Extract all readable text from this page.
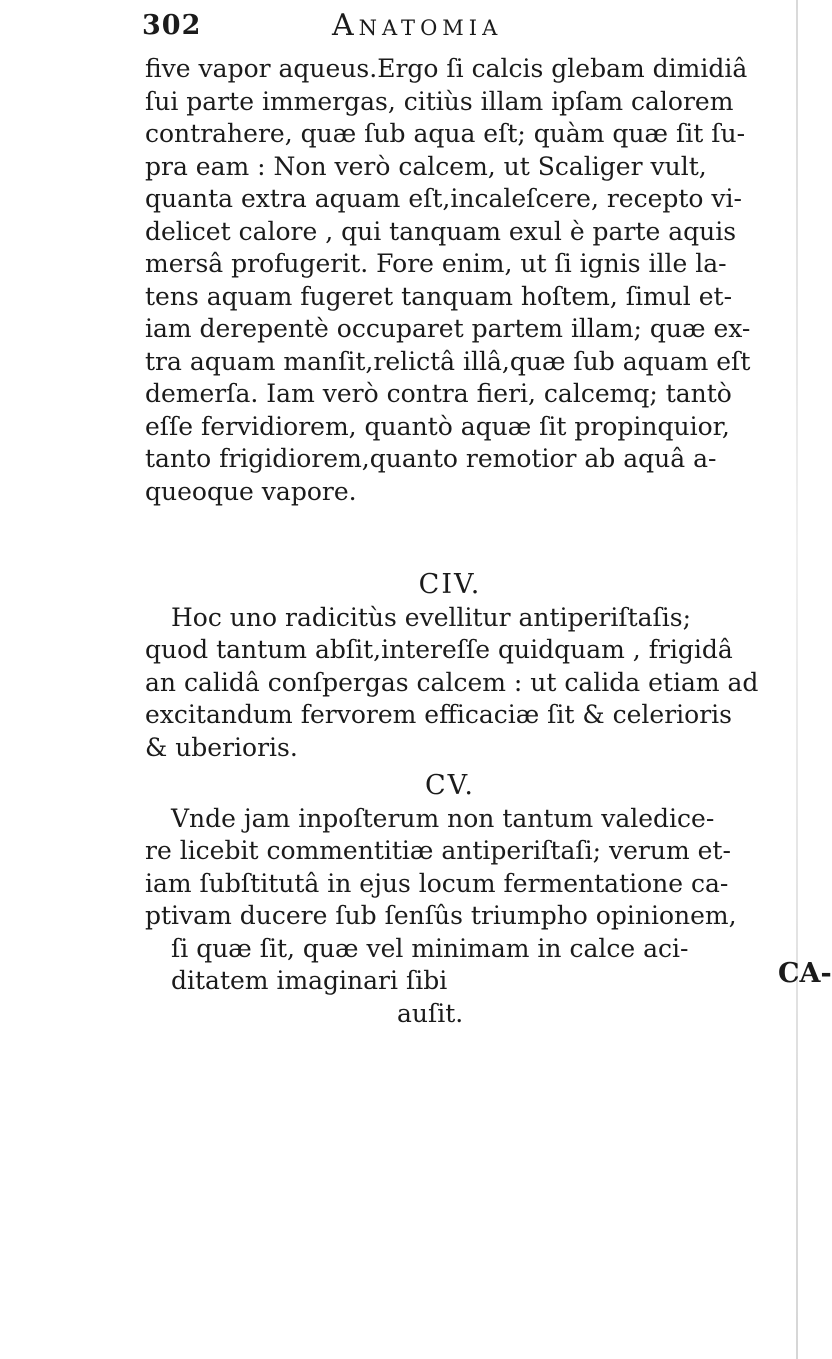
302	Anatomia
five vapor aqueus.Ergo ſi calcis glebam dimidiâ
ſui parte immergas, citiùs illam ipſam calorem
contrahere, quæ ſub aqua eſt; quàm quæ ſit ſu-
pra eam : Non verò calcem, ut Scaliger vult,
quanta extra aquam eſt,incaleſcere, recepto vi-
delicet calore , qui tanquam exul è parte aquis
mersâ profugerit. Fore enim, ut ſi ignis ille la-
tens aquam fugeret tanquam hoſtem, ſimul et-
iam derepentè occuparet partem illam; quæ ex-
tra aquam manſit,relictâ illâ,quæ ſub aquam eſt
demerſa. Iam verò contra fieri, calcemq; tantò
eſſe fervidiorem, quantò aquæ ſit propinquior,
tanto frigidiorem,quanto remotior ab aquâ a-
queoque vapore.
CIV.
Hoc uno radicitùs evellitur antiperiſtaſis;
quod tantum abſit,intereſſe quidquam , frigidâ
an calidâ conſpergas calcem : ut calida etiam ad
excitandum fervorem efficaciæ ſit & celerioris
& uberioris.
CV.
Vnde jam inpoſterum non tantum valedice-
re licebit commentitiæ antiperiſtaſi; verum et-
iam ſubſtitutâ in ejus locum fermentatione ca-
ptivam ducere ſub ſenſûs triumpho opinionem,
ſi quæ ſit, quæ vel minimam in calce aci-
ditatem imaginari ſibi
auſit.
CA-
